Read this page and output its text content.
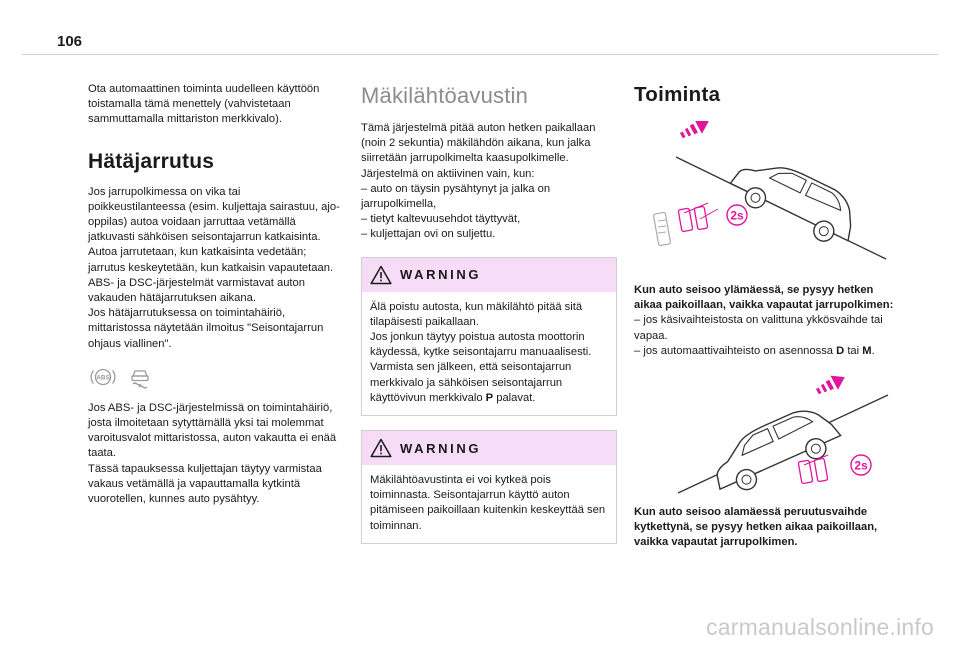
106

Ota automaattinen toiminta uudelleen käyttöön toistamalla tämä menettely (vahvistetaan sammuttamalla mittariston merkkivalo).

Hätäjarrutus

Jos jarrupolkimessa on vika tai poikkeustilanteessa (esim. kuljettaja sairastuu, ajo-oppilas) autoa voidaan jarruttaa vetämällä jatkuvasti sähköisen seisontajarrun katkaisinta. Autoa jarrutetaan, kun katkaisinta vedetään; jarrutus keskeytetään, kun katkaisin vapautetaan.

ABS- ja DSC-järjestelmät varmistavat auton vakauden hätäjarrutuksen aikana.

Jos hätäjarrutuksessa on toimintahäiriö, mittaristossa näytetään ilmoitus "Seisontajarrun ohjaus viallinen".

ABS

Jos ABS- ja DSC-järjestelmissä on toimintahäiriö, josta ilmoitetaan sytyttämällä yksi tai molemmat varoitusvalot mittaristossa, auton vakautta ei enää taata.

Tässä tapauksessa kuljettajan täytyy varmistaa vakaus vetämällä ja vapauttamalla kytkintä vuorotellen, kunnes auto pysähtyy.

Mäkilähtöavustin

Tämä järjestelmä pitää auton hetken paikallaan (noin 2 sekuntia) mäkilähdön aikana, kun jalka siirretään jarrupolkimelta kaasupolkimelle.

Järjestelmä on aktiivinen vain, kun:

– auto on täysin pysähtynyt ja jalka on jarrupolkimella,

– tietyt kaltevuusehdot täyttyvät,

– kuljettajan ovi on suljettu.

WARNING

Älä poistu autosta, kun mäkilähtö pitää sitä tilapäisesti paikallaan.

Jos jonkun täytyy poistua autosta moottorin käydessä, kytke seisontajarru manuaalisesti. Varmista sen jälkeen, että seisontajarrun merkkivalo ja sähköisen seisontajarrun käyttövivun merkkivalo P palavat.

WARNING

Mäkilähtöavustinta ei voi kytkeä pois toiminnasta. Seisontajarrun käyttö auton pitämiseen paikoillaan kuitenkin keskeyttää sen toiminnan.

Toiminta
2s

Kun auto seisoo ylämäessä, se pysyy hetken aikaa paikoillaan, vaikka vapautat jarrupolkimen:

– jos käsivaihteistosta on valittuna ykkösvaihde tai vapaa.

– jos automaattivaihteisto on asennossa D tai M.

2s

Kun auto seisoo alamäessä peruutusvaihde kytkettynä, se pysyy hetken aikaa paikoillaan, vaikka vapautat jarrupolkimen.

carmanualsonline.info
